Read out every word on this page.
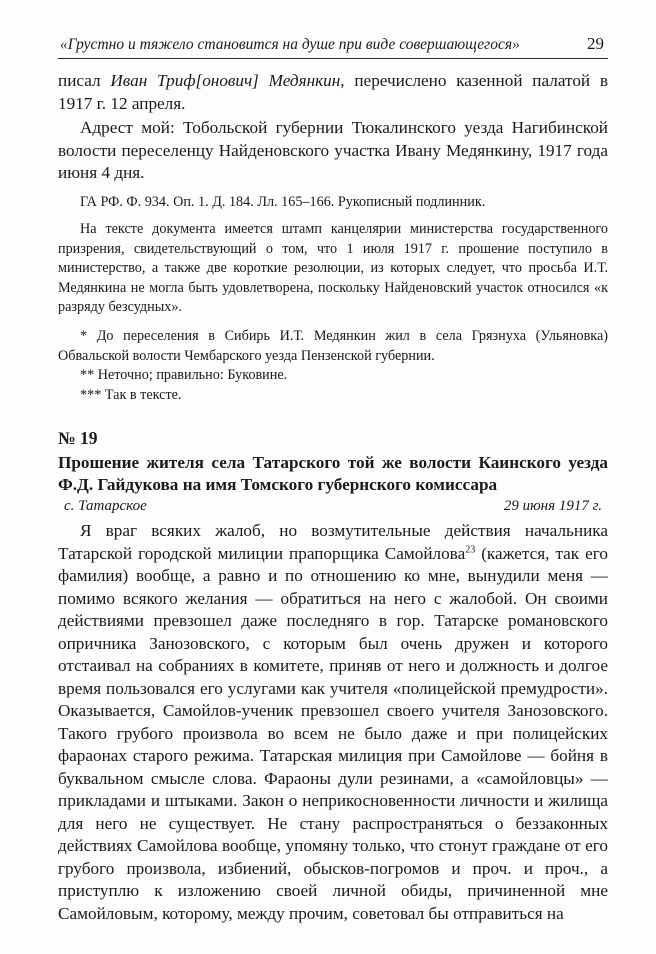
«Грустно и тяжело становится на душе при виде совершающегося»	29

писал Иван Триф[онович] Медянкин, перечислено казенной палатой в 1917 г. 12 апреля.

Адрест мой: Тобольской губернии Тюкалинского уезда Нагибинской волости переселенцу Найденовского участка Ивану Медянкину, 1917 года июня 4 дня.

ГА РФ. Ф. 934. Оп. 1. Д. 184. Лл. 165–166. Рукописный подлинник.

На тексте документа имеется штамп канцелярии министерства государственного призрения, свидетельствующий о том, что 1 июля 1917 г. прошение поступило в министерство, а также две короткие резолюции, из которых следует, что просьба И.Т. Медянкина не могла быть удовлетворена, поскольку Найденовский участок относился «к разряду безсудных».

* До переселения в Сибирь И.Т. Медянкин жил в села Грязнуха (Ульяновка) Обвальской волости Чембарского уезда Пензенской губернии.

** Неточно; правильно: Буковине.

*** Так в тексте.

№ 19

Прошение жителя села Татарского той же волости Каинского уезда Ф.Д. Гайдукова на имя Томского губернского комиссара

с. Татарское	29 июня 1917 г.

Я враг всяких жалоб, но возмутительные действия начальника Татарской городской милиции прапорщика Самойлова$^{23}$ (кажется, так его фамилия) вообще, а равно и по отношению ко мне, вынудили меня — помимо всякого желания — обратиться на него с жалобой. Он своими действиями превзошел даже последняго в гор. Татарске романовского опричника Занозовского, с которым был очень дружен и которого отстаивал на собраниях в комитете, приняв от него и должность и долгое время пользовался его услугами как учителя «полицейской премудрости». Оказывается, Самойлов-ученик превзошел своего учителя Занозовского. Такого грубого произвола во всем не было даже и при полицейских фараонах старого режима. Татарская милиция при Самойлове — бойня в буквальном смысле слова. Фараоны дули резинами, а «самойловцы» — прикладами и штыками. Закон о неприкосновенности личности и жилища для него не существует. Не стану распространяться о беззаконных действиях Самойлова вообще, упомяну только, что стонут граждане от его грубого произвола, избиений, обысков-погромов и проч. и проч., а приступлю к изложению своей личной обиды, причиненной мне Самойловым, которому, между прочим, советовал бы отправиться на
